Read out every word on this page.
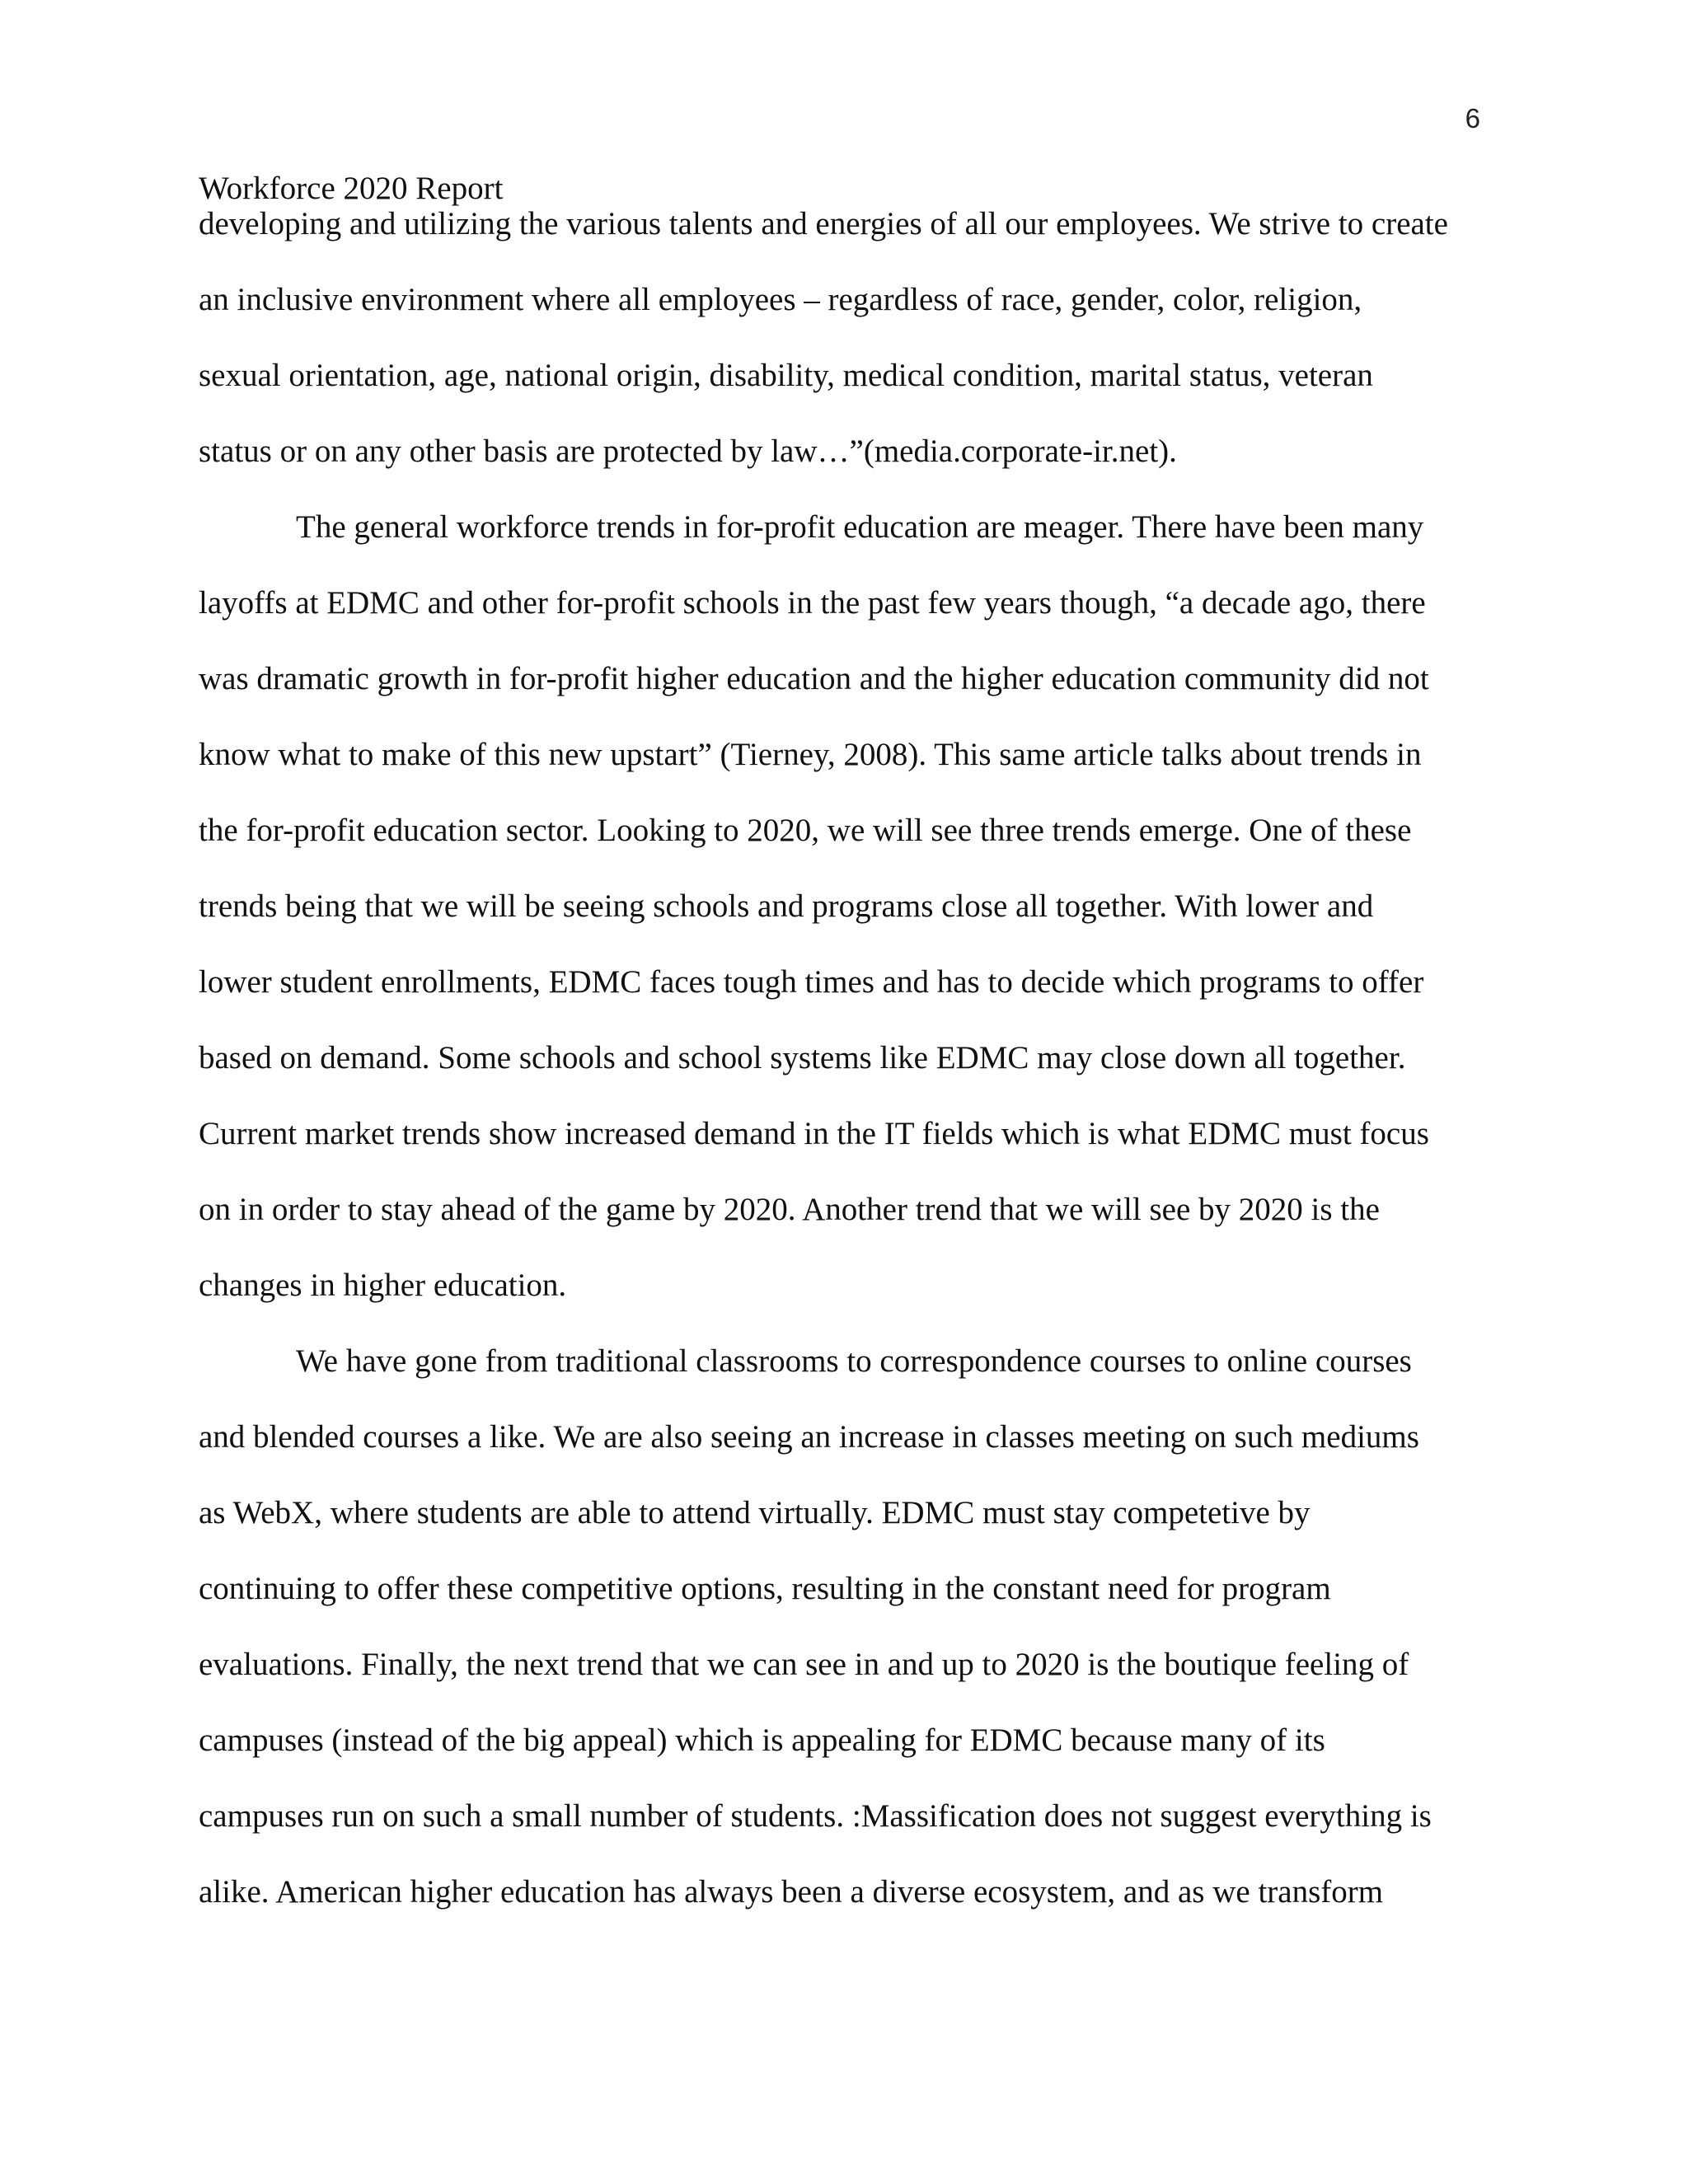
6
Workforce 2020 Report
developing and utilizing the various talents and energies of all our employees. We strive to create
an inclusive environment where all employees – regardless of race, gender, color, religion,
sexual orientation, age, national origin, disability, medical condition, marital status, veteran
status or on any other basis are protected by law…”(media.corporate-ir.net).
The general workforce trends in for-profit education are meager. There have been many
layoffs at EDMC and other for-profit schools in the past few years though, “a decade ago, there
was dramatic growth in for-profit higher education and the higher education community did not
know what to make of this new upstart” (Tierney, 2008). This same article talks about trends in
the for-profit education sector. Looking to 2020, we will see three trends emerge. One of these
trends being that we will be seeing schools and programs close all together. With lower and
lower student enrollments, EDMC faces tough times and has to decide which programs to offer
based on demand. Some schools and school systems like EDMC may close down all together.
Current market trends show increased demand in the IT fields which is what EDMC must focus
on in order to stay ahead of the game by 2020. Another trend that we will see by 2020 is the
changes in higher education.
We have gone from traditional classrooms to correspondence courses to online courses
and blended courses a like. We are also seeing an increase in classes meeting on such mediums
as WebX, where students are able to attend virtually. EDMC must stay competetive by
continuing to offer these competitive options, resulting in the constant need for program
evaluations. Finally, the next trend that we can see in and up to 2020 is the boutique feeling of
campuses (instead of the big appeal) which is appealing for EDMC because many of its
campuses run on such a small number of students. :Massification does not suggest everything is
alike. American higher education has always been a diverse ecosystem, and as we transform
